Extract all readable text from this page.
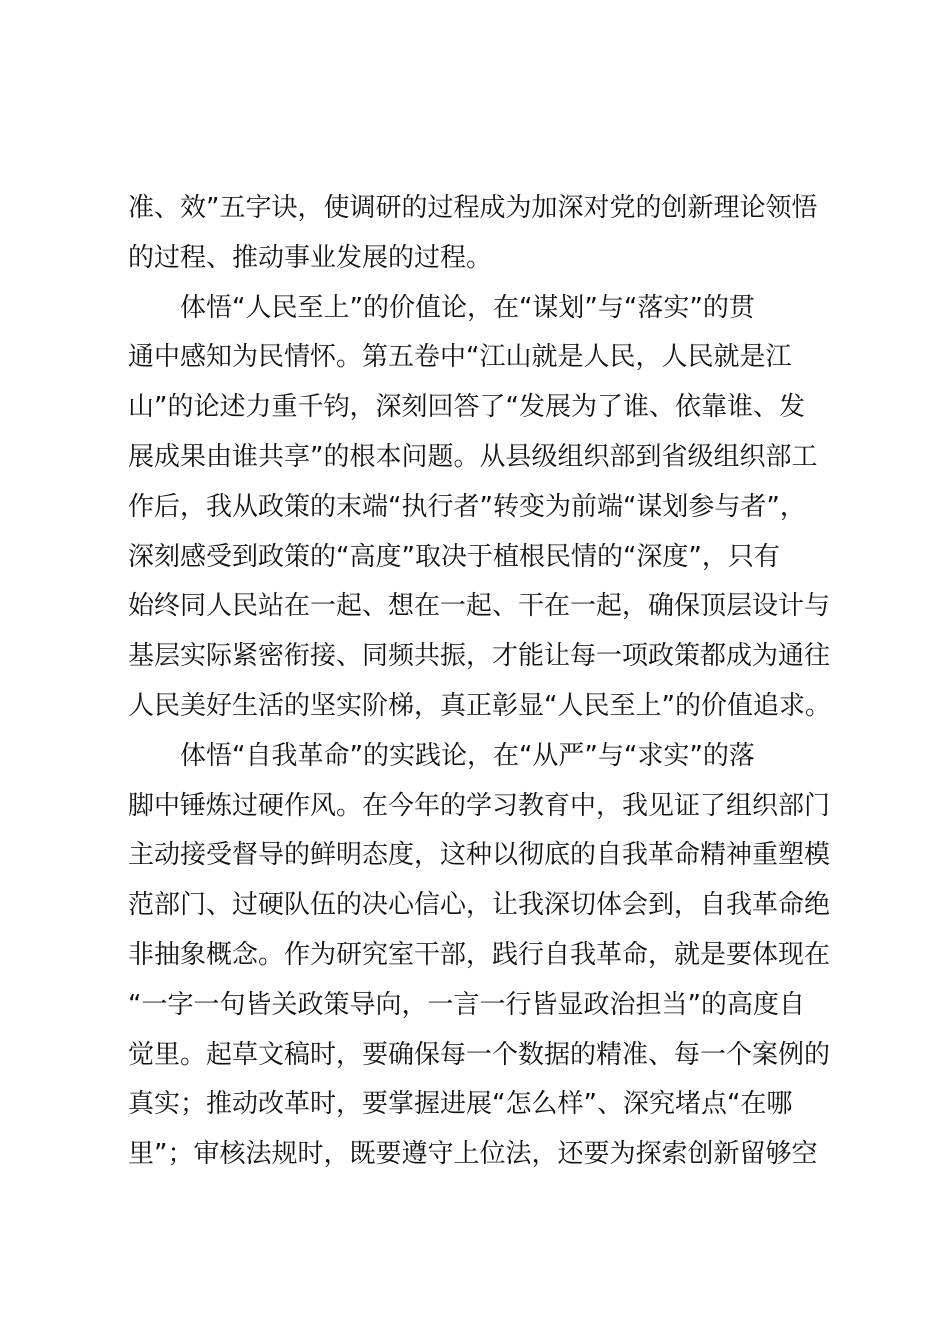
准、效”五字诀，使调研的过程成为加深对党的创新理论领悟
的过程、推动事业发展的过程。
体悟“人民至上”的价值论，在“谋划”与“落实”的贯
通中感知为民情怀。第五卷中“江山就是人民，人民就是江
山”的论述力重千钧，深刻回答了“发展为了谁、依靠谁、发
展成果由谁共享”的根本问题。从县级组织部到省级组织部工
作后，我从政策的末端“执行者”转变为前端“谋划参与者”，
深刻感受到政策的“高度”取决于植根民情的“深度”，只有
始终同人民站在一起、想在一起、干在一起，确保顶层设计与
基层实际紧密衔接、同频共振，才能让每一项政策都成为通往
人民美好生活的坚实阶梯，真正彰显“人民至上”的价值追求。
体悟“自我革命”的实践论，在“从严”与“求实”的落
脚中锤炼过硬作风。在今年的学习教育中，我见证了组织部门
主动接受督导的鲜明态度，这种以彻底的自我革命精神重塑模
范部门、过硬队伍的决心信心，让我深切体会到，自我革命绝
非抽象概念。作为研究室干部，践行自我革命，就是要体现在
“一字一句皆关政策导向，一言一行皆显政治担当”的高度自
觉里。起草文稿时，要确保每一个数据的精准、每一个案例的
真实；推动改革时，要掌握进展“怎么样”、深究堵点“在哪
里”；审核法规时，既要遵守上位法，还要为探索创新留够空
